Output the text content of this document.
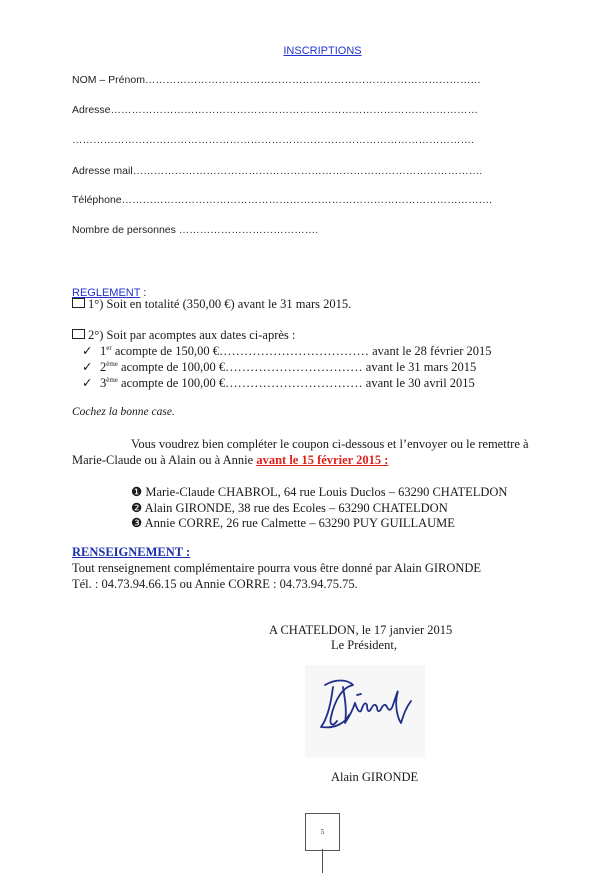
INSCRIPTIONS
NOM – Prénom……………………………………………………………………………………
Adresse……………………………………………………………………………………………
…………………………………………………………………………………………………….
Adresse mail……………………………………………………………………………………….
Téléphone…………………………………………………………………………………………….
Nombre de personnes ………………………………….
REGLEMENT :
1°) Soit en totalité (350,00 €) avant le 31 mars 2015.
2°) Soit par acomptes aux dates ci-après :
✓ 1er acompte de 150,00 €……………………………… avant le 28 février 2015
✓ 2ème acompte de 100,00 €…………………………… avant le 31 mars 2015
✓ 3ème acompte de 100,00 €…………………………… avant le 30 avril 2015
Cochez la bonne case.
Vous voudrez bien compléter le coupon ci-dessous et l’envoyer ou le remettre à
Marie-Claude ou à Alain ou à Annie avant le 15 février 2015 :
❶ Marie-Claude CHABROL, 64 rue Louis Duclos – 63290 CHATELDON
❷ Alain GIRONDE, 38 rue des Ecoles – 63290 CHATELDON
❸ Annie CORRE, 26 rue Calmette – 63290 PUY GUILLAUME
RENSEIGNEMENT :
Tout renseignement complémentaire pourra vous être donné par Alain GIRONDE
Tél. : 04.73.94.66.15 ou Annie CORRE : 04.73.94.75.75.
A CHATELDON, le 17 janvier 2015
Le Président,
Alain GIRONDE
5
